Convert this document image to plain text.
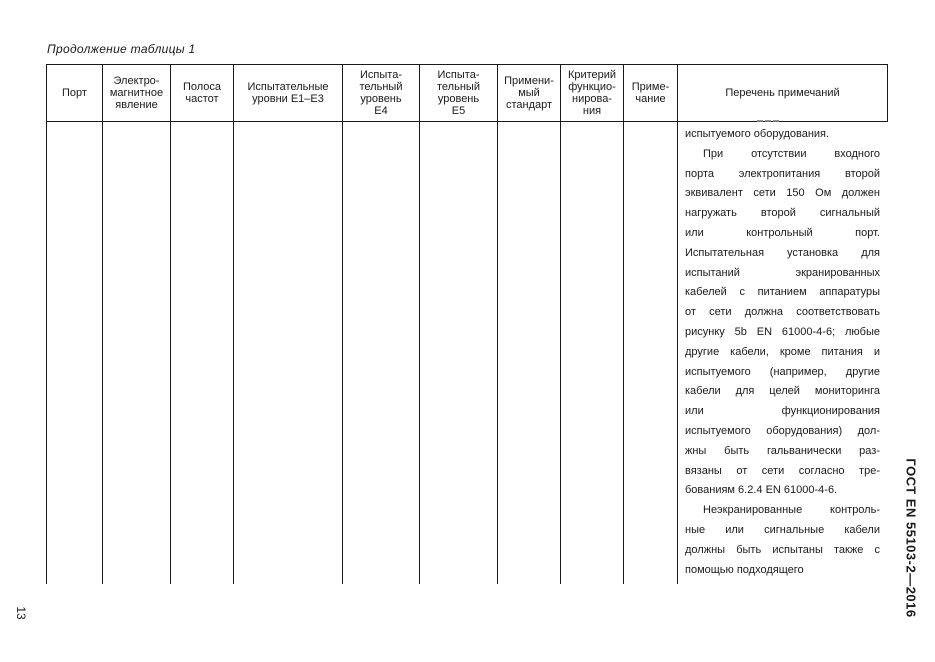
Продолжение таблицы 1
Порт
Электро- магнитное явление
Полоса частот
Испытательные уровни Е1–Е3
Испыта- тельный уровень Е4
Испыта- тельный уровень Е5
Примени- мый стандарт
Критерий функцио- нирова- ния
Приме- чание	Перечень примечаний
▬▬▬

испытуемого оборудования.

При отсутствии входного

порта электропитания второй

эквивалент сети 150 Ом должен

нагружать второй сигнальный

или контрольный порт.

Испытательная установка для

испытаний экранированных

кабелей с питанием аппаратуры

от сети должна соответствовать

рисунку 5b EN 61000-4-6; любые

другие кабели, кроме питания и

испытуемого (например, другие

кабели для целей мониторинга

или функционирования

испытуемого оборудования) дол-

жны быть гальванически раз-

вязаны от сети согласно тре-

бованиям 6.2.4 EN 61000-4-6.

Неэкранированные контроль-

ные или сигнальные кабели

должны быть испытаны также с

помощью подходящего	ГОСТ EN 55103-2—2016
13
